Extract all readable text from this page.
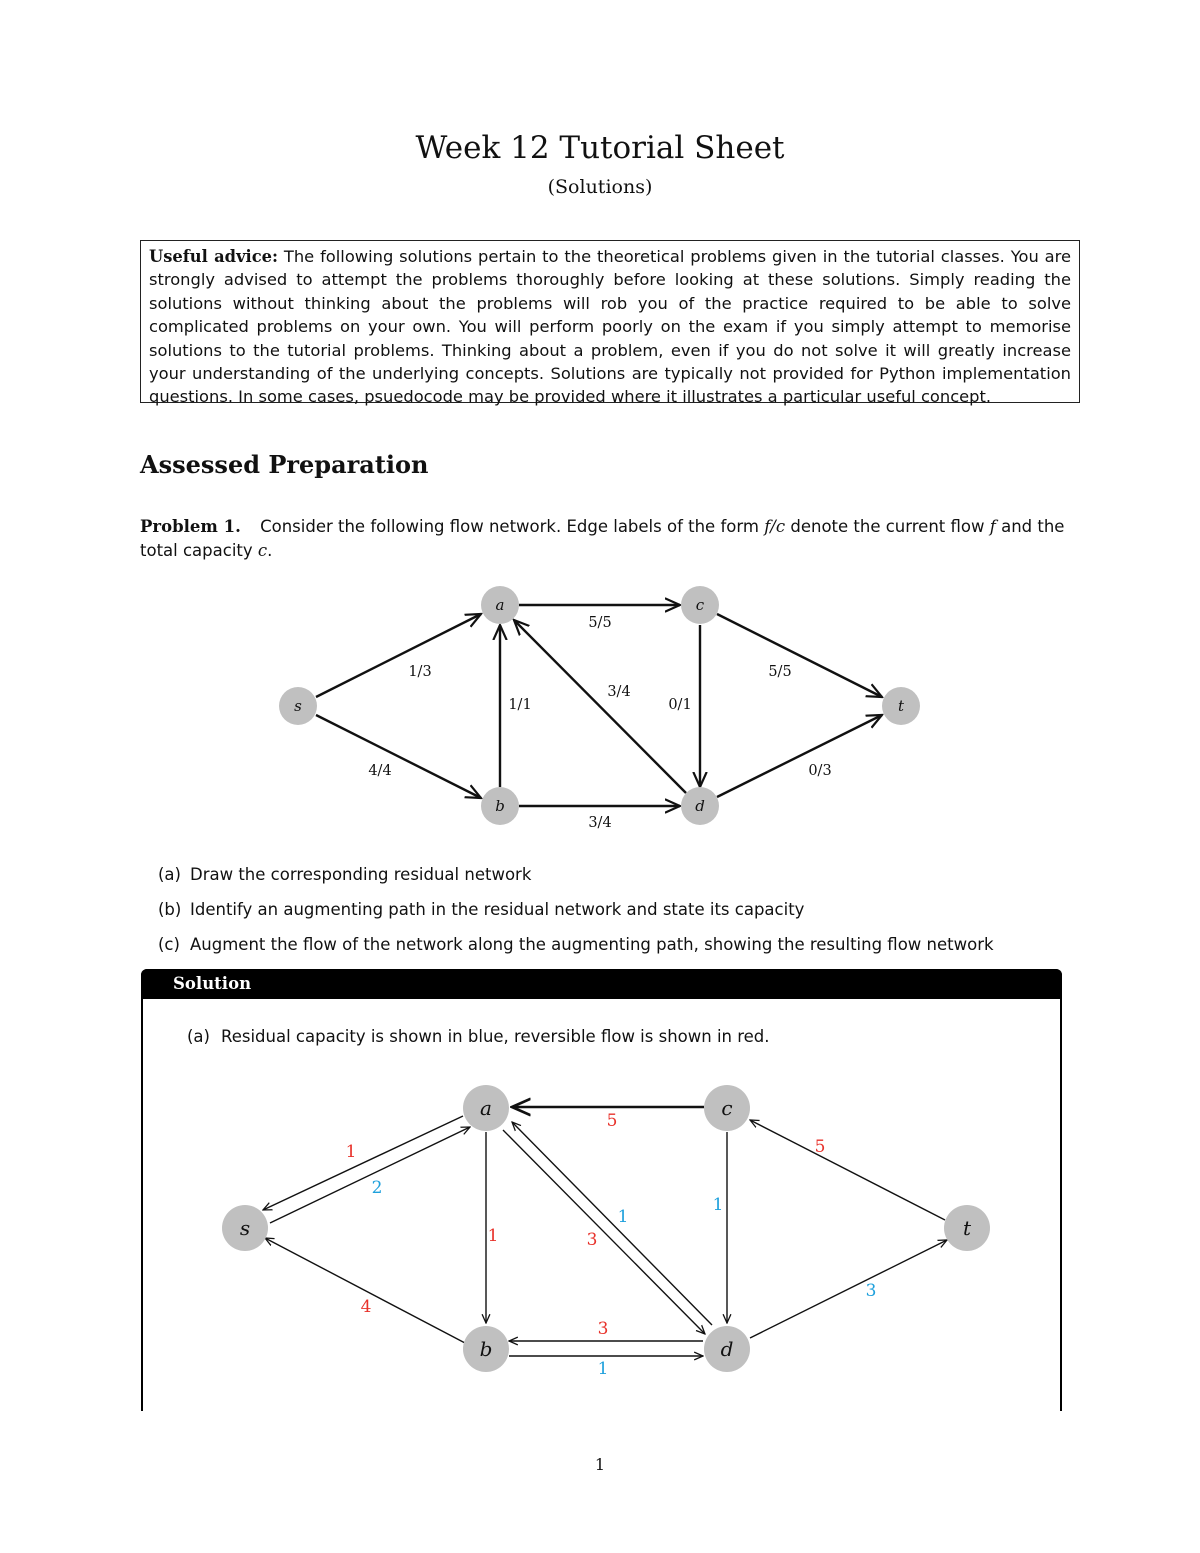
Week 12 Tutorial Sheet
(Solutions)
Useful advice: The following solutions pertain to the theoretical problems given in the tutorial classes. You are strongly advised to attempt the problems thoroughly before looking at these solutions. Simply reading the solutions without thinking about the problems will rob you of the practice required to be able to solve complicated problems on your own. You will perform poorly on the exam if you simply attempt to memorise solutions to the tutorial problems. Thinking about a problem, even if you do not solve it will greatly increase your understanding of the underlying concepts. Solutions are typically not provided for Python implementation questions. In some cases, psuedocode may be provided where it illustrates a particular useful concept.
Assessed Preparation
Problem 1. Consider the following flow network. Edge labels of the form f/c denote the current flow f and the total capacity c.
s
a	c
b	d
t
1/3
4/4
1/1
5/5
3/4
0/1
3/4
5/5
0/3
(a) Draw the corresponding residual network
(b) Identify an augmenting path in the residual network and state its capacity
(c) Augment the flow of the network along the augmenting path, showing the resulting flow network
Solution
(a) Residual capacity is shown in blue, reversible flow is shown in red.
a	c
s	t
b	d
1
2
4
1
5
3
1
1
3
1
5
3
1
